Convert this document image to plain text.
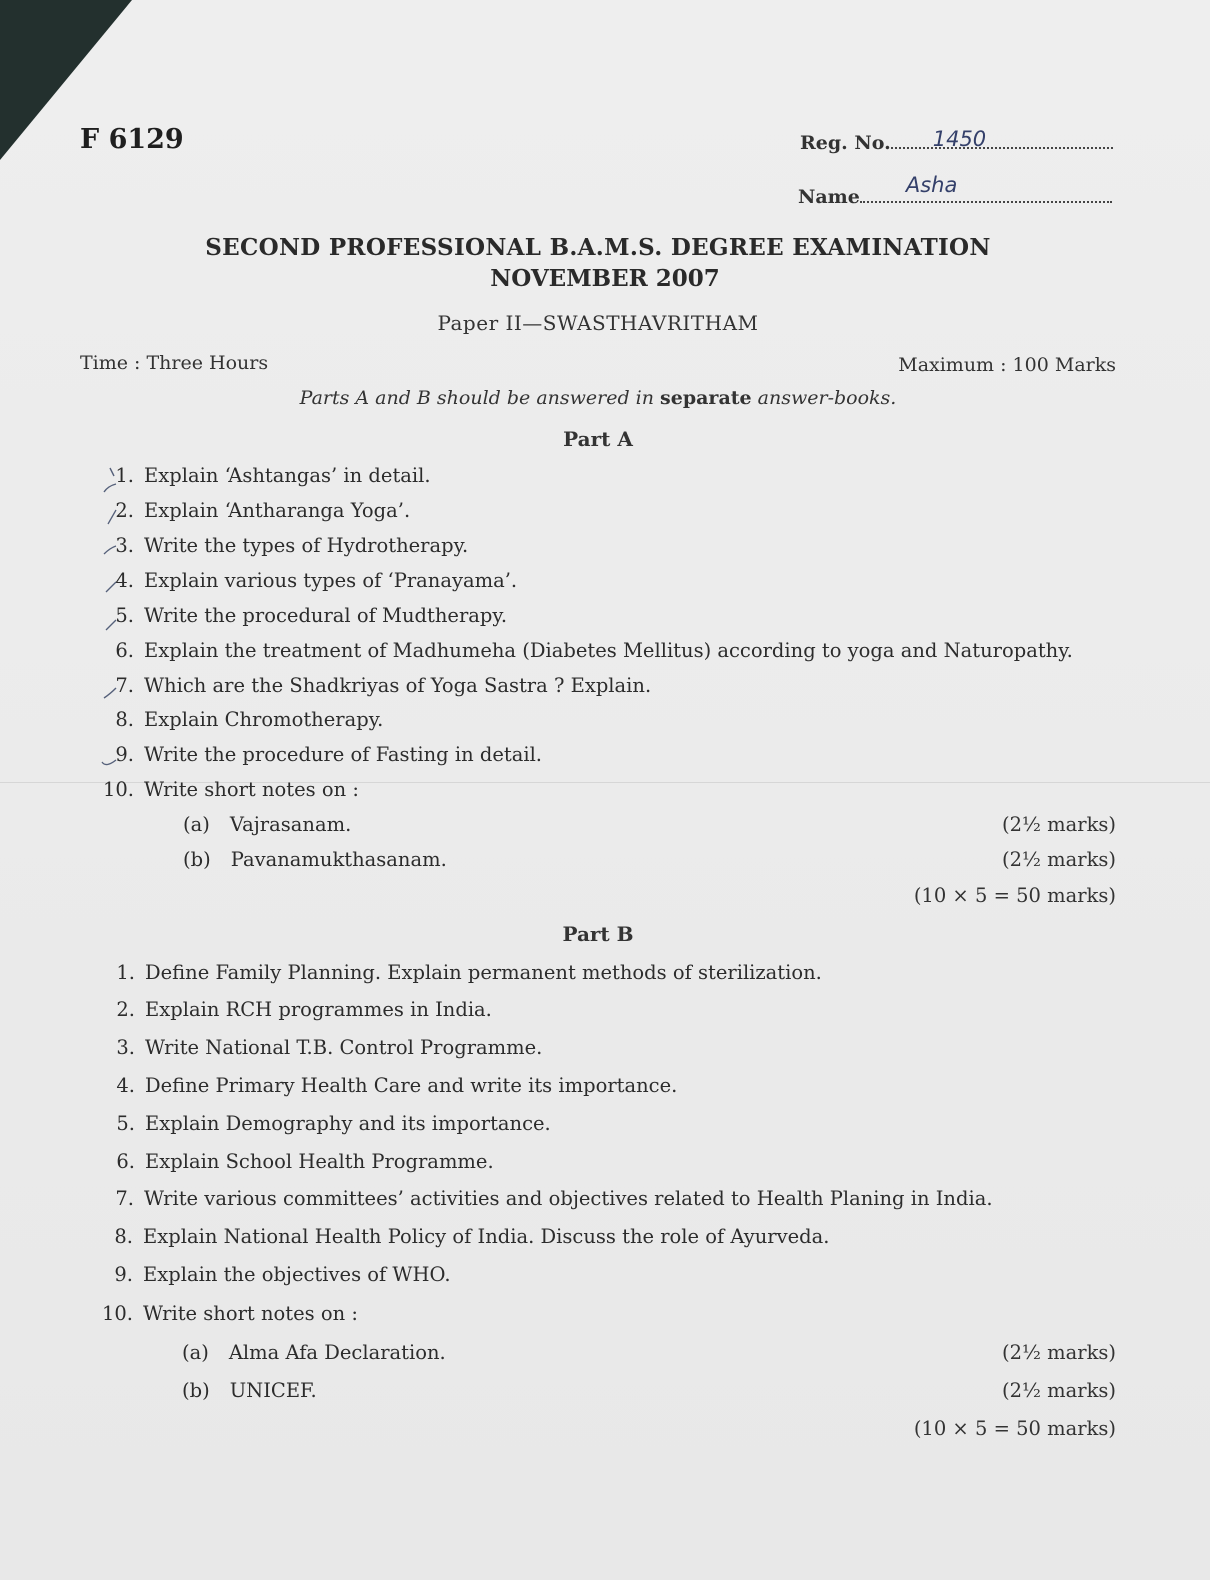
F 6129	Reg. No. 1450
Name Asha
SECOND PROFESSIONAL B.A.M.S. DEGREE EXAMINATION
NOVEMBER 2007
Paper II—SWASTHAVRITHAM
Time : Three Hours	Maximum : 100 Marks
Parts A and B should be answered in separate answer-books.
Part A
1. Explain ‘Ashtangas’ in detail.
2. Explain ‘Antharanga Yoga’.
3. Write the types of Hydrotherapy.
4. Explain various types of ‘Pranayama’.
5. Write the procedural of Mudtherapy.
6. Explain the treatment of Madhumeha (Diabetes Mellitus) according to yoga and Naturopathy.
7. Which are the Shadkriyas of Yoga Sastra ? Explain.
8. Explain Chromotherapy.
9. Write the procedure of Fasting in detail.
10. Write short notes on :
(a) Vajrasanam.	(2½ marks)
(b) Pavanamukthasanam.	(2½ marks)
(10 × 5 = 50 marks)
Part B
1. Define Family Planning. Explain permanent methods of sterilization.
2. Explain RCH programmes in India.
3. Write National T.B. Control Programme.
4. Define Primary Health Care and write its importance.
5. Explain Demography and its importance.
6. Explain School Health Programme.
7. Write various committees’ activities and objectives related to Health Planing in India.
8. Explain National Health Policy of India. Discuss the role of Ayurveda.
9. Explain the objectives of WHO.
10. Write short notes on :
(a) Alma Afa Declaration.	(2½ marks)
(b) UNICEF.	(2½ marks)
(10 × 5 = 50 marks)
